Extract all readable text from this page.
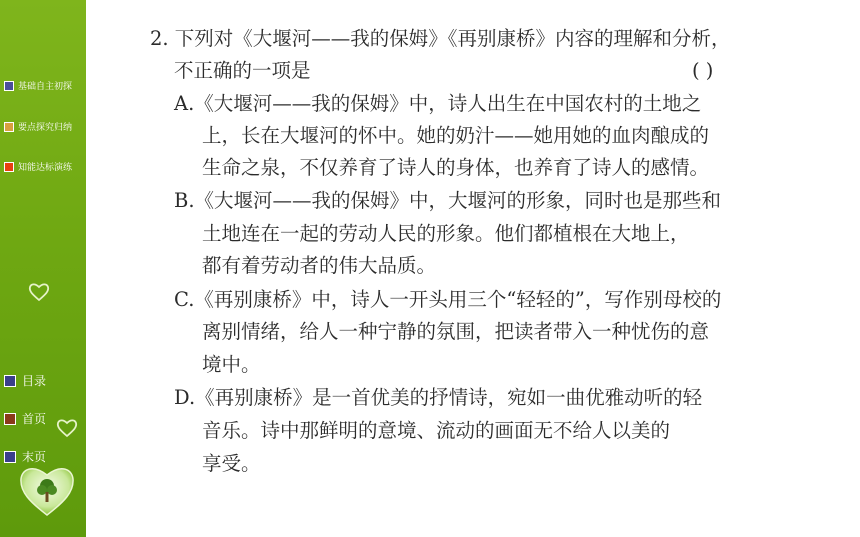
基础自主初探
要点探究归纳
知能达标演练
目录
首页
末页
2. 下列对《大堰河——我的保姆》《再别康桥》内容的理解和分析，
不正确的一项是	( )
A.《大堰河——我的保姆》中，诗人出生在中国农村的土地之
上，长在大堰河的怀中。她的奶汁——她用她的血肉酿成的
生命之泉，不仅养育了诗人的身体，也养育了诗人的感情。
B.《大堰河——我的保姆》中，大堰河的形象，同时也是那些和
土地连在一起的劳动人民的形象。他们都植根在大地上，
都有着劳动者的伟大品质。
C.《再别康桥》中，诗人一开头用三个“轻轻的”，写作别母校的
离别情绪，给人一种宁静的氛围，把读者带入一种忧伤的意
境中。
D.《再别康桥》是一首优美的抒情诗，宛如一曲优雅动听的轻
音乐。诗中那鲜明的意境、流动的画面无不给人以美的
享受。
